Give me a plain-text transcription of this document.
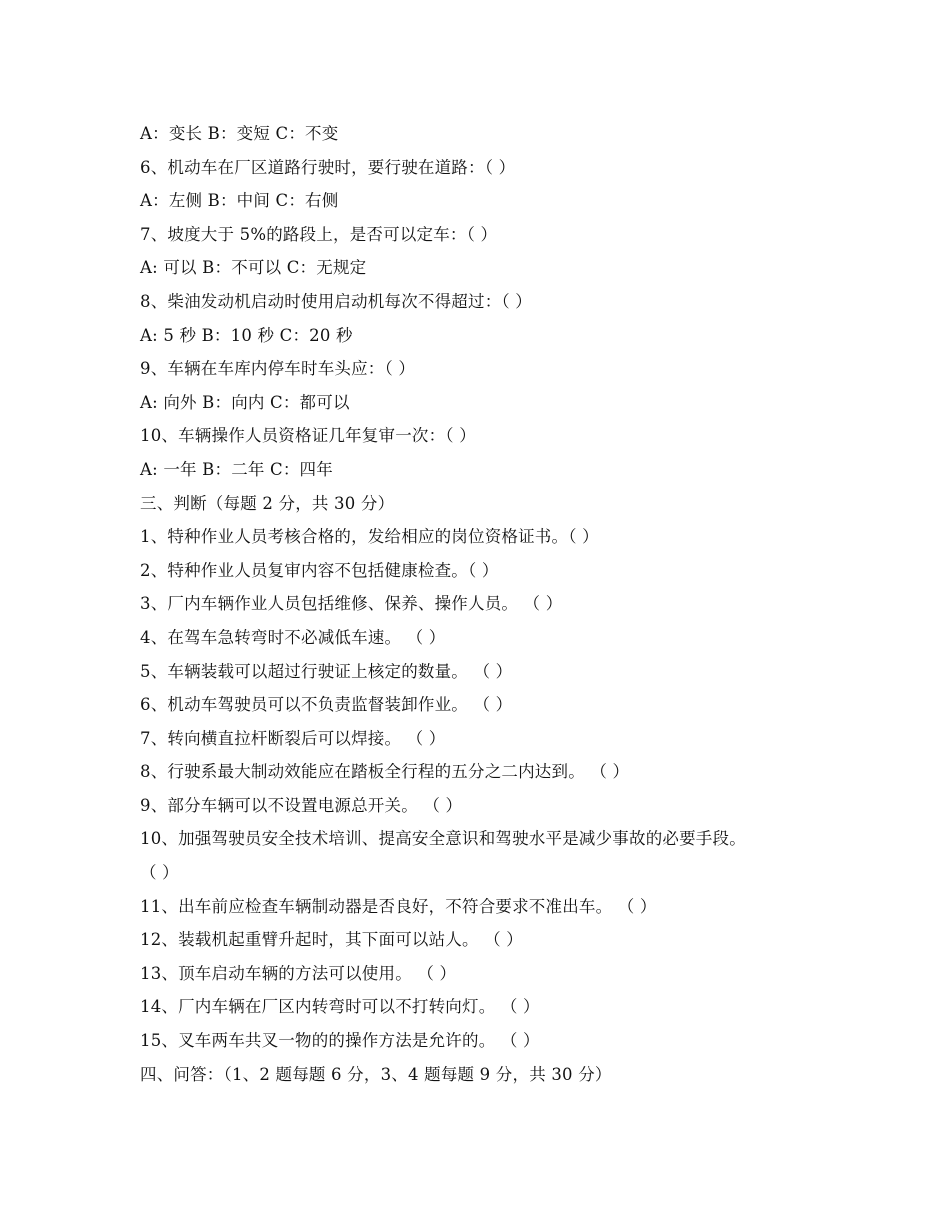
A：变长 B：变短 C：不变
6、机动车在厂区道路行驶时，要行驶在道路：（ ）
A：左侧 B：中间 C：右侧
7、坡度大于 5%的路段上，是否可以定车：（ ）
A: 可以 B：不可以 C：无规定
8、柴油发动机启动时使用启动机每次不得超过：（ ）
A: 5 秒 B：10 秒 C：20 秒
9、车辆在车库内停车时车头应：（ ）
A: 向外 B：向内 C：都可以
10、车辆操作人员资格证几年复审一次：（ ）
A: 一年 B：二年 C：四年
三、判断（每题 2 分，共 30 分）
1、特种作业人员考核合格的，发给相应的岗位资格证书。（ ）
2、特种作业人员复审内容不包括健康检查。（ ）
3、厂内车辆作业人员包括维修、保养、操作人员。 （ ）
4、在驾车急转弯时不必减低车速。 （ ）
5、车辆装载可以超过行驶证上核定的数量。 （ ）
6、机动车驾驶员可以不负责监督装卸作业。 （ ）
7、转向横直拉杆断裂后可以焊接。 （ ）
8、行驶系最大制动效能应在踏板全行程的五分之二内达到。 （ ）
9、部分车辆可以不设置电源总开关。 （ ）
10、加强驾驶员安全技术培训、提高安全意识和驾驶水平是减少事故的必要手段。
（ ）
11、出车前应检查车辆制动器是否良好，不符合要求不准出车。 （ ）
12、装载机起重臂升起时，其下面可以站人。 （ ）
13、顶车启动车辆的方法可以使用。 （ ）
14、厂内车辆在厂区内转弯时可以不打转向灯。 （ ）
15、叉车两车共叉一物的的操作方法是允许的。 （ ）
四、问答：（1、2 题每题 6 分，3、4 题每题 9 分，共 30 分）
